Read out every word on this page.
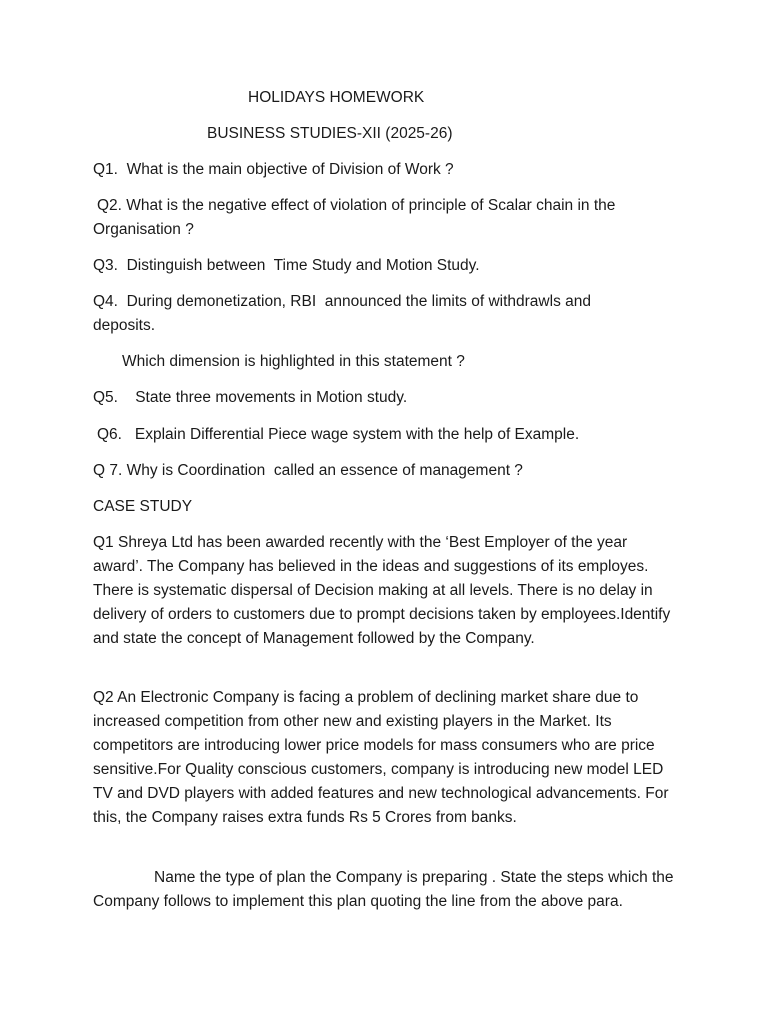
HOLIDAYS HOMEWORK
BUSINESS STUDIES-XII (2025-26)
Q1.  What is the main objective of Division of Work ?
Q2. What is the negative effect of violation of principle of Scalar chain in the
Organisation ?
Q3.  Distinguish between  Time Study and Motion Study.
Q4.  During demonetization, RBI  announced the limits of withdrawls and
deposits.
Which dimension is highlighted in this statement ?
Q5.    State three movements in Motion study.
Q6.   Explain Differential Piece wage system with the help of Example.
Q 7. Why is Coordination  called an essence of management ?
CASE STUDY
Q1 Shreya Ltd has been awarded recently with the ‘Best Employer of the year award’. The Company has believed in the ideas and suggestions of its employes. There is systematic dispersal of Decision making at all levels. There is no delay in delivery of orders to customers due to prompt decisions taken by employees.Identify and state the concept of Management followed by the Company.
Q2 An Electronic Company is facing a problem of declining market share due to increased competition from other new and existing players in the Market. Its competitors are introducing lower price models for mass consumers who are price sensitive.For Quality conscious customers, company is introducing new model LED TV and DVD players with added features and new technological advancements. For this, the Company raises extra funds Rs 5 Crores from banks.
Name the type of plan the Company is preparing . State the steps which the Company follows to implement this plan quoting the line from the above para.
